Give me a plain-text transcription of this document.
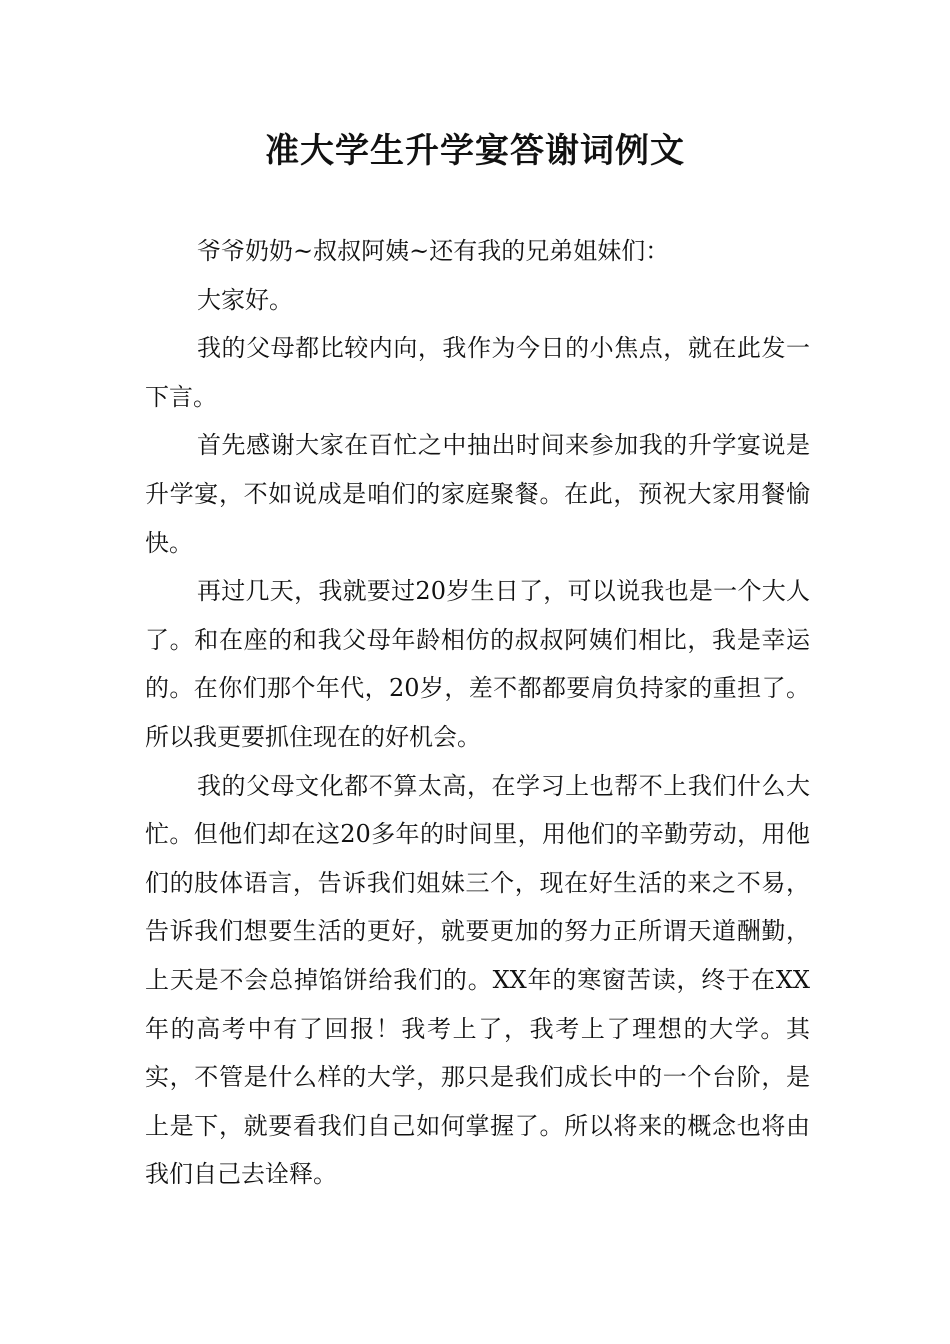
准大学生升学宴答谢词例文

爷爷奶奶~叔叔阿姨~还有我的兄弟姐妹们：

大家好。

我的父母都比较内向，我作为今日的小焦点，就在此发一下言。

首先感谢大家在百忙之中抽出时间来参加我的升学宴说是升学宴，不如说成是咱们的家庭聚餐。在此，预祝大家用餐愉快。

再过几天，我就要过20岁生日了，可以说我也是一个大人了。和在座的和我父母年龄相仿的叔叔阿姨们相比，我是幸运的。在你们那个年代，20岁，差不都都要肩负持家的重担了。所以我更要抓住现在的好机会。

我的父母文化都不算太高，在学习上也帮不上我们什么大忙。但他们却在这20多年的时间里，用他们的辛勤劳动，用他们的肢体语言，告诉我们姐妹三个，现在好生活的来之不易，告诉我们想要生活的更好，就要更加的努力正所谓天道酬勤，上天是不会总掉馅饼给我们的。XX年的寒窗苦读，终于在XX年的高考中有了回报！我考上了，我考上了理想的大学。其实，不管是什么样的大学，那只是我们成长中的一个台阶，是上是下，就要看我们自己如何掌握了。所以将来的概念也将由我们自己去诠释。
